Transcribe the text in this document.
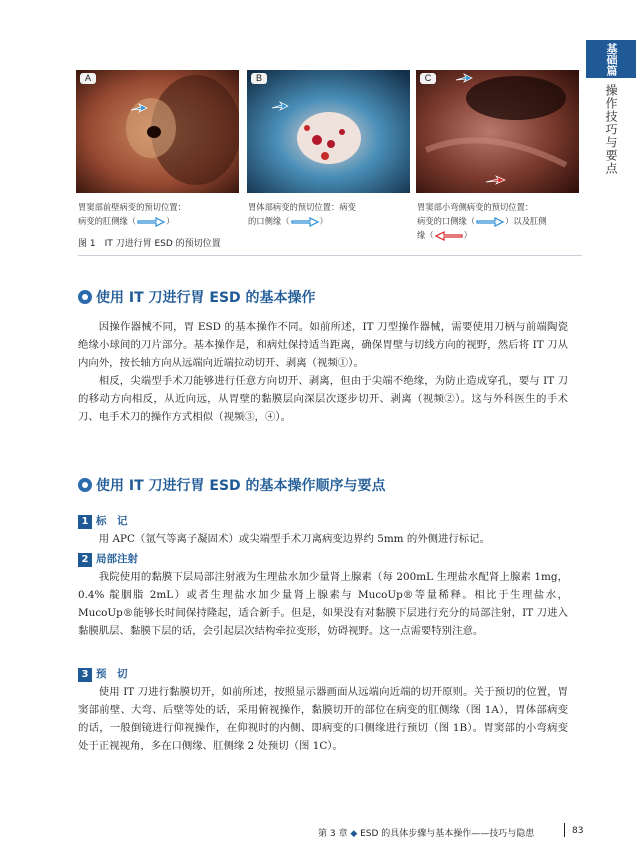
基础篇
操作技巧与要点
A	B	C
胃窦部前壁病变的预切位置：
病变的肛侧缘（	）
胃体部病变的预切位置：病变
的口侧缘（	）
胃窦部小弯侧病变的预切位置：
病变的口侧缘（	）以及肛侧
缘（	）
图 1　IT 刀进行胃 ESD 的预切位置
使用 IT 刀进行胃 ESD 的基本操作

因操作器械不同，胃 ESD 的基本操作不同。如前所述，IT 刀型操作器械，需要使用刀柄与前端陶瓷绝缘小球间的刀片部分。基本操作是，和病灶保持适当距离，确保胃壁与切线方向的视野，然后将 IT 刀从内向外，按长轴方向从远端向近端拉动切开、剥离（视频①）。

相反，尖端型手术刀能够进行任意方向切开、剥离，但由于尖端不绝缘，为防止造成穿孔，要与 IT 刀的移动方向相反，从近向远，从胃壁的黏膜层向深层次逐步切开、剥离（视频②）。这与外科医生的手术刀、电手术刀的操作方式相似（视频③，④）。

使用 IT 刀进行胃 ESD 的基本操作顺序与要点
1 标　记

用 APC（氩气等离子凝固术）或尖端型手术刀离病变边界约 5mm 的外侧进行标记。

2 局部注射

我院使用的黏膜下层局部注射液为生理盐水加少量肾上腺素（每 200mL 生理盐水配肾上腺素 1mg，0.4% 靛胭脂 2mL）或者生理盐水加少量肾上腺素与 MucoUp®等量稀释。相比于生理盐水，MucoUp®能够长时间保持隆起，适合新手。但是，如果没有对黏膜下层进行充分的局部注射，IT 刀进入黏膜肌层、黏膜下层的话，会引起层次结构牵拉变形，妨碍视野。这一点需要特别注意。

3 预　切

使用 IT 刀进行黏膜切开，如前所述，按照显示器画面从远端向近端的切开原则。关于预切的位置，胃窦部前壁、大弯、后壁等处的话，采用俯视操作，黏膜切开的部位在病变的肛侧缘（图 1A），胃体部病变的话，一般倒镜进行仰视操作，在仰视时的内侧、即病变的口侧缘进行预切（图 1B）。胃窦部的小弯病变处于正视视角，多在口侧缘、肛侧缘 2 处预切（图 1C）。

第 3 章 ◆ ESD 的具体步骤与基本操作——技巧与隐患	83
